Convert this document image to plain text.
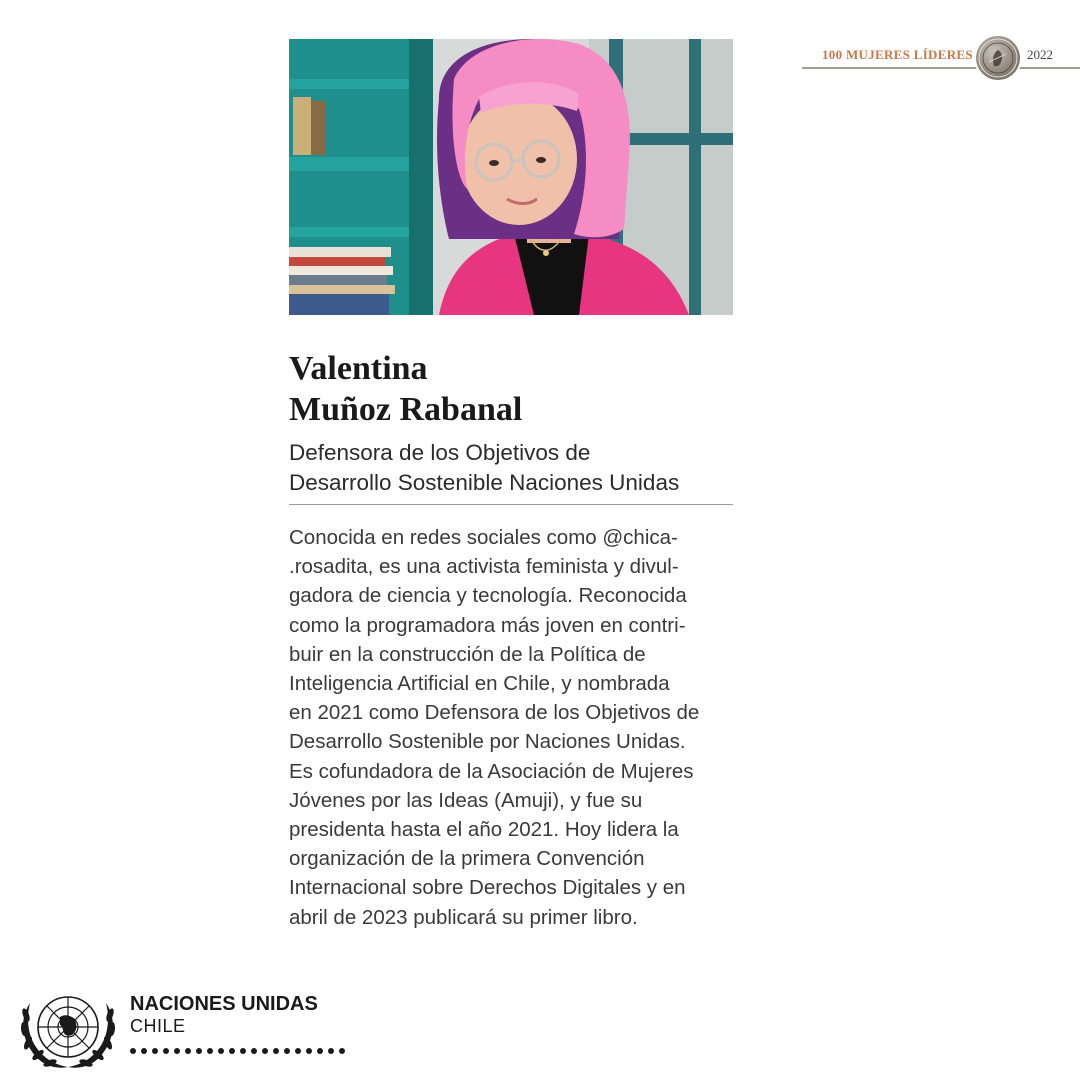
100 MUJERES LÍDERES	2022
Valentina
Muñoz Rabanal
Defensora de los Objetivos de
Desarrollo Sostenible Naciones Unidas
Conocida en redes sociales como @chica-
.rosadita, es una activista feminista y divul-
gadora de ciencia y tecnología. Reconocida
como la programadora más joven en contri-
buir en la construcción de la Política de
Inteligencia Artificial en Chile, y nombrada
en 2021 como Defensora de los Objetivos de
Desarrollo Sostenible por Naciones Unidas.
Es cofundadora de la Asociación de Mujeres
Jóvenes por las Ideas (Amuji), y fue su
presidenta hasta el año 2021. Hoy lidera la
organización de la primera Convención
Internacional sobre Derechos Digitales y en
abril de 2023 publicará su primer libro.
NACIONES UNIDAS
CHILE
